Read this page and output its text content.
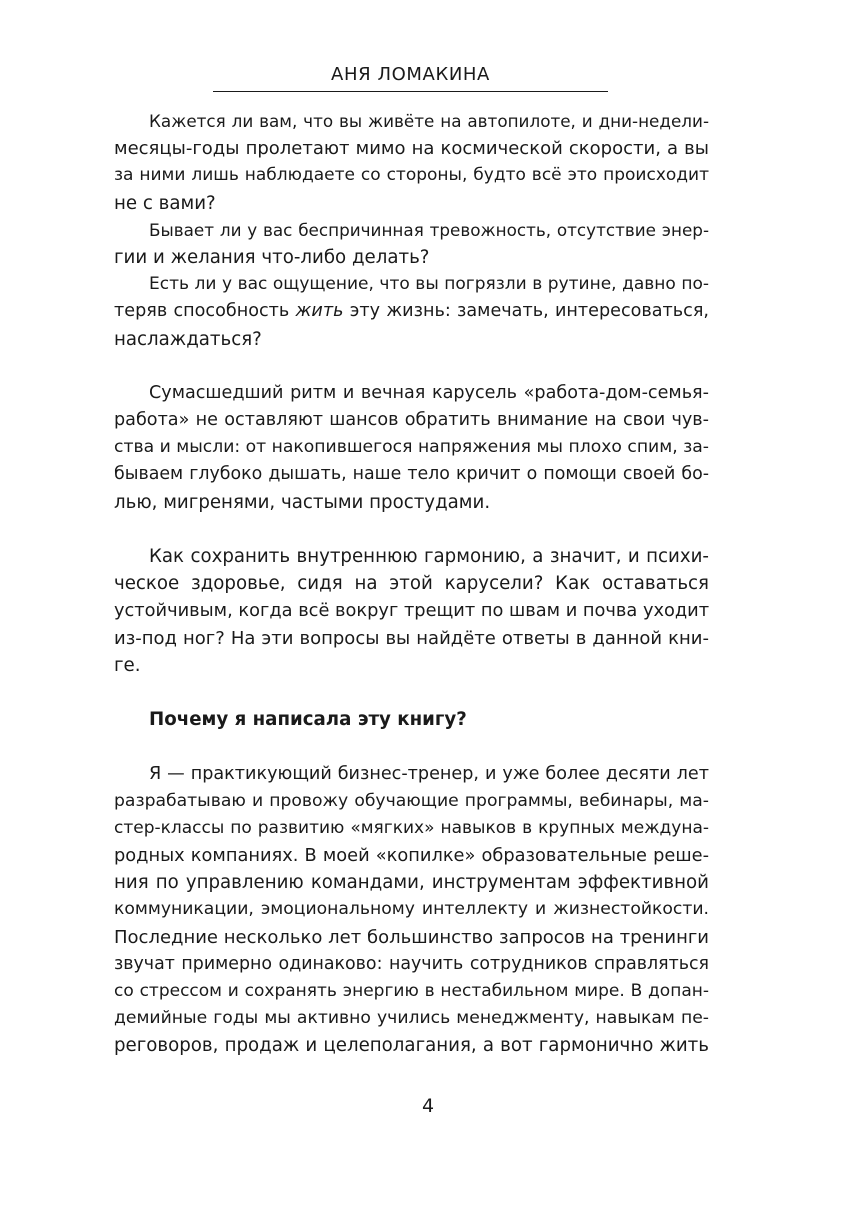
АНЯ ЛОМАКИНА
Кажется ли вам, что вы живёте на автопилоте, и дни-недели-
месяцы-годы пролетают мимо на космической скорости, а вы
за ними лишь наблюдаете со стороны, будто всё это происходит
не с вами?
Бывает ли у вас беспричинная тревожность, отсутствие энер-
гии и желания что-либо делать?
Есть ли у вас ощущение, что вы погрязли в рутине, давно по-
теряв способность жить эту жизнь: замечать, интересоваться,
наслаждаться?
Сумасшедший ритм и вечная карусель «работа-дом-семья-
работа» не оставляют шансов обратить внимание на свои чув-
ства и мысли: от накопившегося напряжения мы плохо спим, за-
бываем глубоко дышать, наше тело кричит о помощи своей бо-
лью, мигренями, частыми простудами.
Как сохранить внутреннюю гармонию, а значит, и психи-
ческое здоровье, сидя на этой карусели? Как оставаться
устойчивым, когда всё вокруг трещит по швам и почва уходит
из-под ног? На эти вопросы вы найдёте ответы в данной кни-
ге.
Почему я написала эту книгу?
Я — практикующий бизнес-тренер, и уже более десяти лет
разрабатываю и провожу обучающие программы, вебинары, ма-
стер-классы по развитию «мягких» навыков в крупных междуна-
родных компаниях. В моей «копилке» образовательные реше-
ния по управлению командами, инструментам эффективной
коммуникации, эмоциональному интеллекту и жизнестойкости.
Последние несколько лет большинство запросов на тренинги
звучат примерно одинаково: научить сотрудников справляться
со стрессом и сохранять энергию в нестабильном мире. В допан-
демийные годы мы активно учились менеджменту, навыкам пе-
реговоров, продаж и целеполагания, а вот гармонично жить
4
